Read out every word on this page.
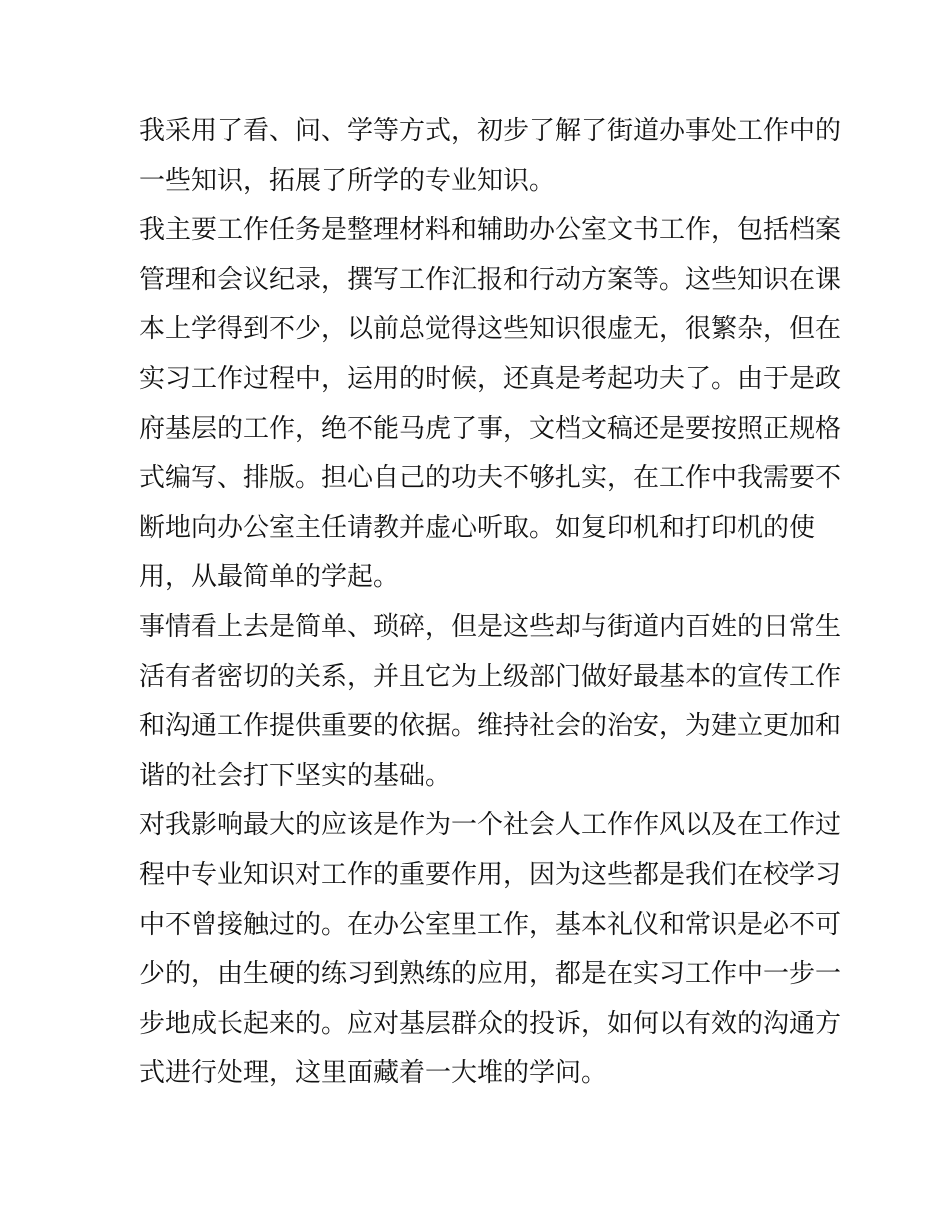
我采用了看、问、学等方式，初步了解了街道办事处工作中的
一些知识，拓展了所学的专业知识。
我主要工作任务是整理材料和辅助办公室文书工作，包括档案
管理和会议纪录，撰写工作汇报和行动方案等。这些知识在课
本上学得到不少，以前总觉得这些知识很虚无，很繁杂，但在
实习工作过程中，运用的时候，还真是考起功夫了。由于是政
府基层的工作，绝不能马虎了事，文档文稿还是要按照正规格
式编写、排版。担心自己的功夫不够扎实，在工作中我需要不
断地向办公室主任请教并虚心听取。如复印机和打印机的使
用，从最简单的学起。
事情看上去是简单、琐碎，但是这些却与街道内百姓的日常生
活有者密切的关系，并且它为上级部门做好最基本的宣传工作
和沟通工作提供重要的依据。维持社会的治安，为建立更加和
谐的社会打下坚实的基础。
对我影响最大的应该是作为一个社会人工作作风以及在工作过
程中专业知识对工作的重要作用，因为这些都是我们在校学习
中不曾接触过的。在办公室里工作，基本礼仪和常识是必不可
少的，由生硬的练习到熟练的应用，都是在实习工作中一步一
步地成长起来的。应对基层群众的投诉，如何以有效的沟通方
式进行处理，这里面藏着一大堆的学问。
